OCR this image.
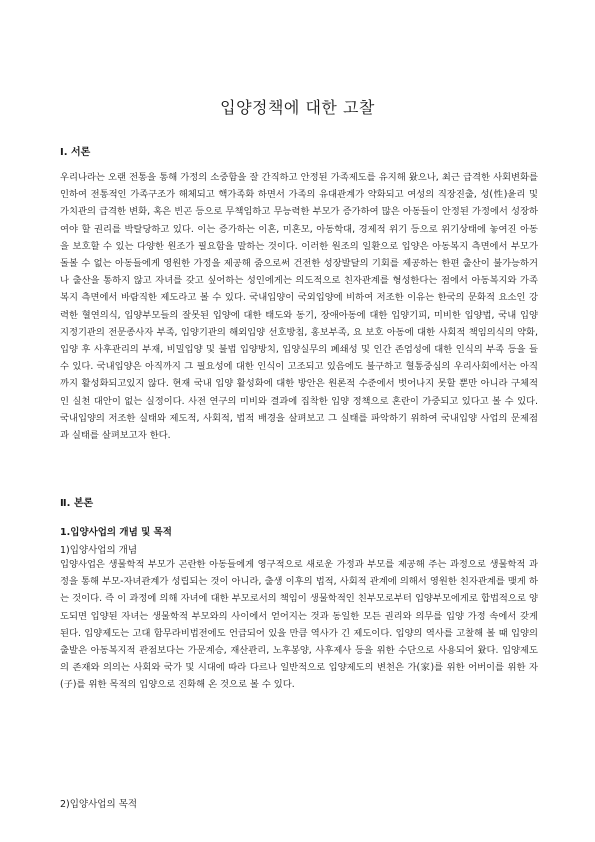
입양정책에 대한 고찰
Ⅰ. 서론

우리나라는 오랜 전통을 통해 가정의 소중함을 잘 간직하고 안정된 가족제도를 유지해 왔으나, 최근 급격한 사회변화를 인하여 전통적인 가족구조가 해체되고 핵가족화 하면서 가족의 유대관계가 약화되고 여성의 직장진출, 성(性)윤리 및 가치관의 급격한 변화, 혹은 빈곤 등으로 무책임하고 무능력한 부모가 증가하여 많은 아동들이 안정된 가정에서 성장하여야 할 권리를 박탈당하고 있다. 이는 증가하는 이혼, 미혼모, 아동학대, 경제적 위기 등으로 위기상태에 놓여진 아동을 보호할 수 있는 다양한 원조가 필요함을 말하는 것이다. 이러한 원조의 일환으로 입양은 아동복지 측면에서 부모가 돌볼 수 없는 아동들에게 영원한 가정을 제공해 줌으로써 건전한 성장발달의 기회를 제공하는 한편 출산이 불가능하거나 출산을 통하지 않고 자녀를 갖고 싶어하는 성인에게는 의도적으로 친자관계를 형성한다는 점에서 아동복지와 가족복지 측면에서 바람직한 제도라고 볼 수 있다. 국내입양이 국외입양에 비하여 저조한 이유는 한국의 문화적 요소인 강력한 혈연의식, 입양부모들의 잘못된 입양에 대한 태도와 동기, 장애아동에 대한 입양기피, 미비한 입양법, 국내 입양 지정기관의 전문종사자 부족, 입양기관의 해외입양 선호방침, 홍보부족, 요 보호 아동에 대한 사회적 책임의식의 약화, 입양 후 사후관리의 부재, 비밀입양 및 불법 입양방치, 입양실무의 폐쇄성 및 인간 존엄성에 대한 인식의 부족 등을 들 수 있다. 국내입양은 아직까지 그 필요성에 대한 인식이 고조되고 있음에도 불구하고 혈통중심의 우리사회에서는 아직까지 활성화되고있지 않다. 현재 국내 입양 활성화에 대한 방안은 원론적 수준에서 벗어나지 못할 뿐만 아니라 구체적인 실천 대안이 없는 실정이다. 사전 연구의 미비와 결과에 집착한 입양 정책으로 혼란이 가중되고 있다고 볼 수 있다. 국내입양의 저조한 실태와 제도적, 사회적, 법적 배경을 살펴보고 그 실태를 파악하기 위하여 국내입양 사업의 문제점과 실태를 살펴보고자 한다.

Ⅱ. 본론
1.입양사업의 개념 및 목적
1)입양사업의 개념

입양사업은 생물학적 부모가 곤란한 아동들에게 영구적으로 새로운 가정과 부모를 제공해 주는 과정으로 생물학적 과정을 통해 부모-자녀관계가 성립되는 것이 아니라, 출생 이후의 법적, 사회적 관계에 의해서 영원한 친자관계를 맺게 하는 것이다. 즉 이 과정에 의해 자녀에 대한 부모로서의 책임이 생물학적인 친부모로부터 입양부모에게로 합법적으로 양도되면 입양된 자녀는 생물학적 부모와의 사이에서 얻어지는 것과 동일한 모든 권리와 의무를 입양 가정 속에서 갖게 된다. 입양제도는 고대 함무라비법전에도 언급되어 있을 만큼 역사가 긴 제도이다. 입양의 역사를 고찰해 볼 때 입양의 출발은 아동복지적 관점보다는 가문계승, 재산관리, 노후봉양, 사후제사 등을 위한 수단으로 사용되어 왔다. 입양제도의 존재와 의의는 사회와 국가 및 시대에 따라 다르나 일반적으로 입양제도의 변천은 가(家)를 위한 어버이를 위한 자(子)를 위한 목적의 입양으로 진화해 온 것으로 볼 수 있다.

2)입양사업의 목적
